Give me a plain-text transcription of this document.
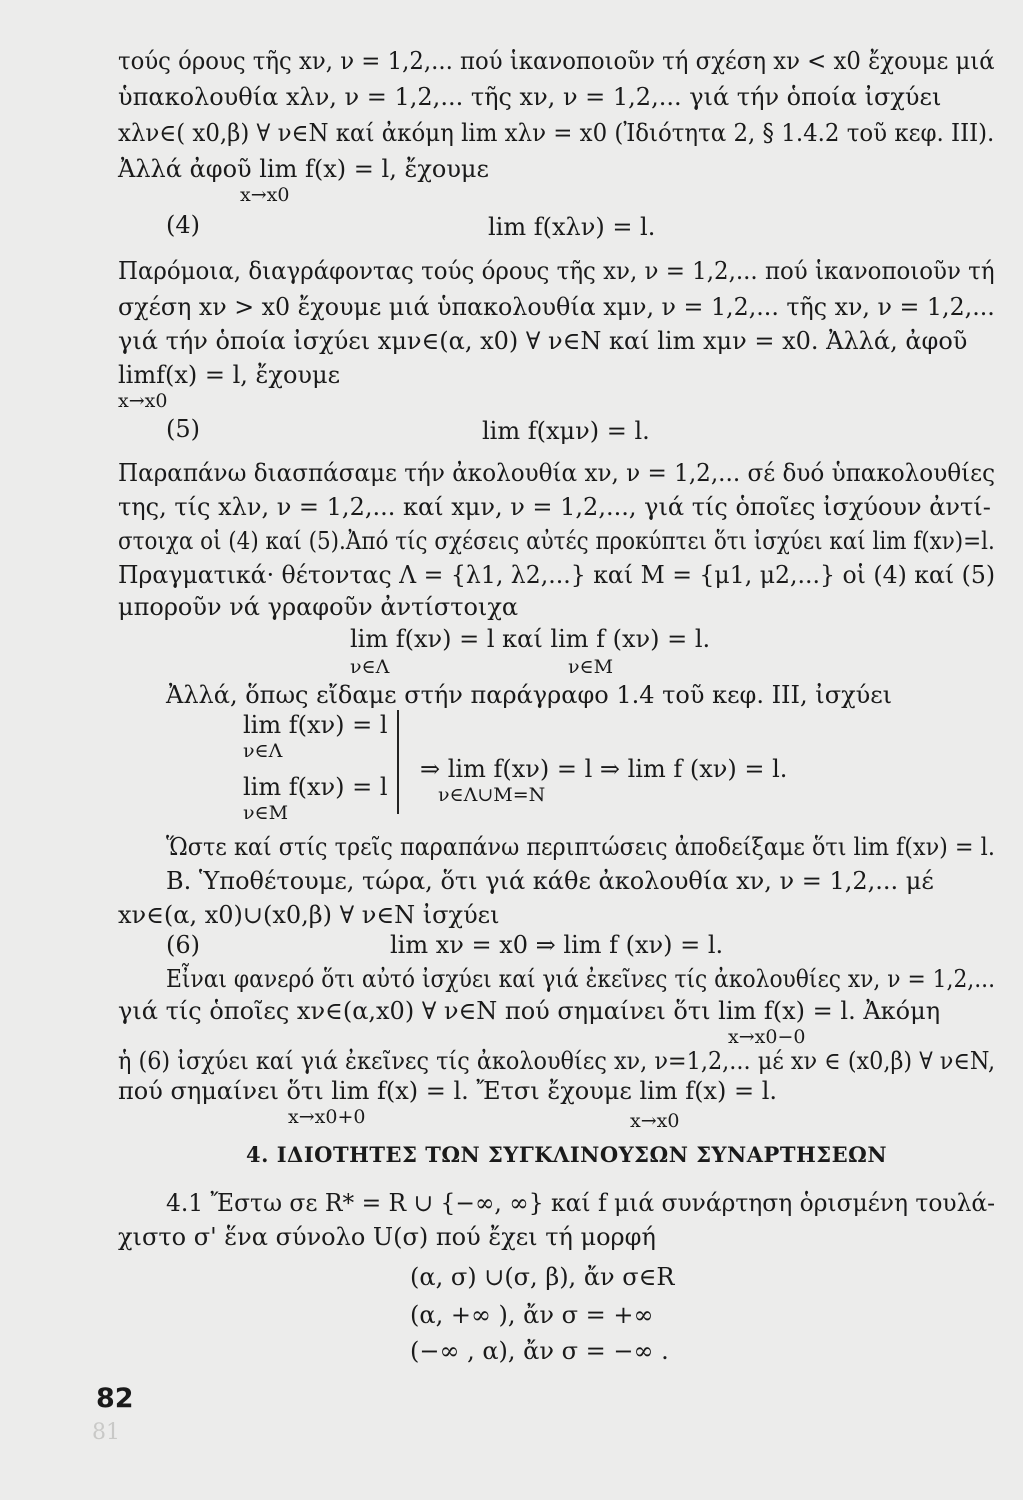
τούς όρους τῆς xν, ν = 1,2,... πού ἱκανοποιοῦν τή σχέση xν < x0 ἔχουμε μιά
ὑπακολουθία xλν, ν = 1,2,... τῆς xν, ν = 1,2,... γιά τήν ὁποία ἰσχύει
xλν∈( x0,β) ∀ ν∈N καί ἀκόμη lim xλν = x0 (Ἰδιότητα 2, § 1.4.2 τοῦ κεφ. III).
Ἀλλά ἀφοῦ lim f(x) = l, ἔχουμε
x→x0
(4)	lim f(xλν) = l.
Παρόμοια, διαγράφοντας τούς όρους τῆς xν, ν = 1,2,... πού ἱκανοποιοῦν τή
σχέση xν > x0 ἔχουμε μιά ὑπακολουθία xμν, ν = 1,2,... τῆς xν, ν = 1,2,...
γιά τήν ὁποία ἰσχύει xμν∈(α, x0) ∀ ν∈N καί lim xμν = x0. Ἀλλά, ἀφοῦ
limf(x) = l, ἔχουμε
x→x0
(5)	lim f(xμν) = l.
Παραπάνω διασπάσαμε τήν ἀκολουθία xν, ν = 1,2,... σέ δυό ὑπακολουθίες
της, τίς xλν, ν = 1,2,... καί xμν, ν = 1,2,..., γιά τίς ὁποῖες ἰσχύουν ἀντί-
στοιχα οἱ (4) καί (5).Ἀπό τίς σχέσεις αὐτές προκύπτει ὅτι ἰσχύει καί lim f(xν)=l.
Πραγματικά· θέτοντας Λ = {λ1, λ2,...} καί Μ = {μ1, μ2,...} οἱ (4) καί (5)
μποροῦν νά γραφοῦν ἀντίστοιχα
lim f(xν) = l καί lim f (xν) = l.
ν∈Λ	ν∈Μ
Ἀλλά, ὅπως εἴδαμε στήν παράγραφο 1.4 τοῦ κεφ. III, ἰσχύει
lim f(xν) = l
ν∈Λ
⇒ lim f(xν) = l ⇒ lim f (xν) = l.
lim f(xν) = l	ν∈Λ∪Μ=N
ν∈Μ
Ὥστε καί στίς τρεῖς παραπάνω περιπτώσεις ἀποδείξαμε ὅτι lim f(xν) = l.
Β. Ὑποθέτουμε, τώρα, ὅτι γιά κάθε ἀκολουθία xν, ν = 1,2,... μέ
xν∈(α, x0)∪(x0,β) ∀ ν∈N ἰσχύει
(6)	lim xν = x0 ⇒ lim f (xν) = l.
Εἶναι φανερό ὅτι αὐτό ἰσχύει καί γιά ἐκεῖνες τίς ἀκολουθίες xν, ν = 1,2,...
γιά τίς ὁποῖες xν∈(α,x0) ∀ ν∈N πού σημαίνει ὅτι lim f(x) = l. Ἀκόμη
x→x0−0
ἡ (6) ἰσχύει καί γιά ἐκεῖνες τίς ἀκολουθίες xν, ν=1,2,... μέ xν ∈ (x0,β) ∀ ν∈N,
πού σημαίνει ὅτι lim f(x) = l. Ἔτσι ἔχουμε lim f(x) = l.
x→x0+0	x→x0
4. ΙΔΙΟΤΗΤΕΣ ΤΩΝ ΣΥΓΚΛΙΝΟΥΣΩΝ ΣΥΝΑΡΤΗΣΕΩΝ
4.1 Ἔστω σε R* = R ∪ {−∞, ∞} καί f μιά συνάρτηση ὁρισμένη τουλά-
χιστο σ' ἕνα σύνολο U(σ) πού ἔχει τή μορφή
(α, σ) ∪(σ, β), ἄν σ∈R
(α, +∞ ), ἄν σ = +∞
(−∞ , α), ἄν σ = −∞ .
82
81
